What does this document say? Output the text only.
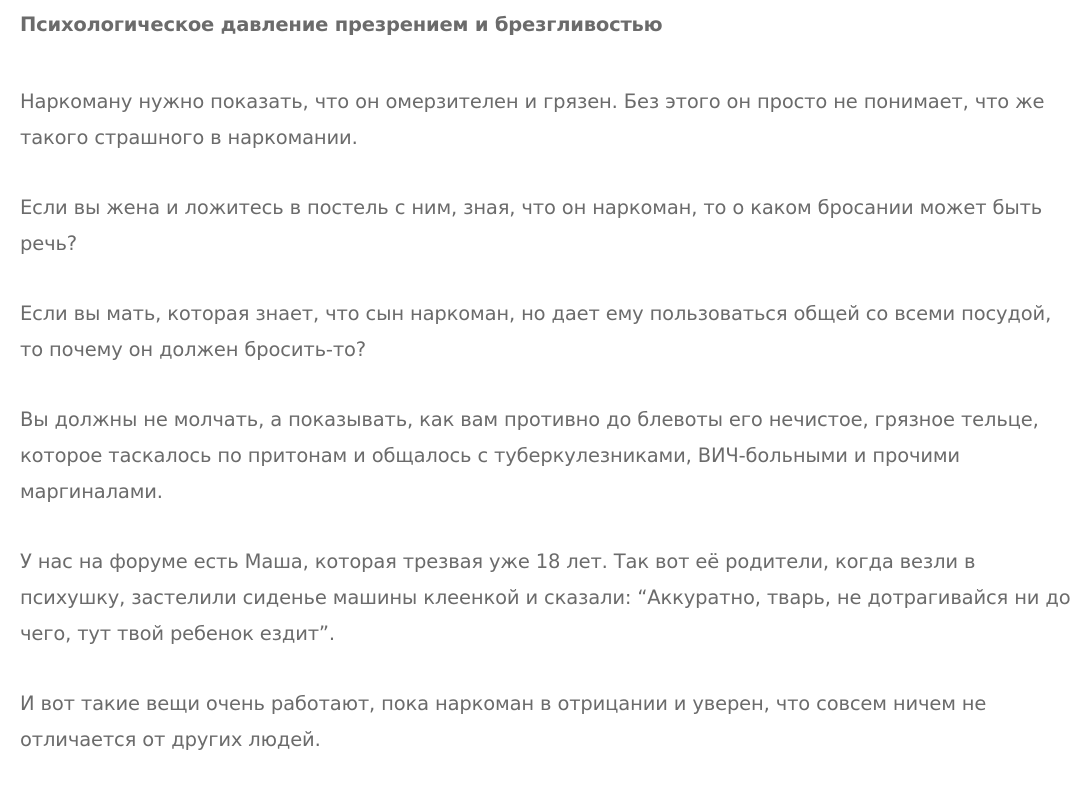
Психологическое давление презрением и брезгливостью

Наркоману нужно показать, что он омерзителен и грязен. Без этого он просто не понимает, что же такого страшного в наркомании.

Если вы жена и ложитесь в постель с ним, зная, что он наркоман, то о каком бросании может быть речь?

Если вы мать, которая знает, что сын наркоман, но дает ему пользоваться общей со всеми посудой, то почему он должен бросить-то?

Вы должны не молчать, а показывать, как вам противно до блевоты его нечистое, грязное тельце, которое таскалось по притонам и общалось с туберкулезниками, ВИЧ-больными и прочими маргиналами.

У нас на форуме есть Маша, которая трезвая уже 18 лет. Так вот её родители, когда везли в психушку, застелили сиденье машины клеенкой и сказали: “Аккуратно, тварь, не дотрагивайся ни до чего, тут твой ребенок ездит”.

И вот такие вещи очень работают, пока наркоман в отрицании и уверен, что совсем ничем не отличается от других людей.
